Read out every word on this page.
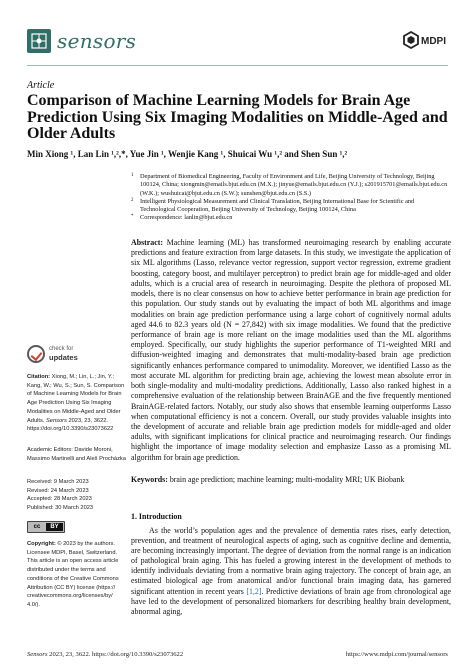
sensors	MDPI
Article
Comparison of Machine Learning Models for Brain Age Prediction Using Six Imaging Modalities on Middle-Aged and Older Adults
Min Xiong ¹, Lan Lin ¹,²,*, Yue Jin ¹, Wenjie Kang ¹, Shuicai Wu ¹,² and Shen Sun ¹,²
1 Department of Biomedical Engineering, Faculty of Environment and Life, Beijing University of Technology, Beijing 100124, China; xiongmin@emails.bjut.edu.cn (M.X.); jinyue@emails.bjut.edu.cn (Y.J.); s201915701@emails.bjut.edu.cn (W.K.); wushuicai@bjut.edu.cn (S.W.); sunshen@bjut.edu.cn (S.S.)
2 Intelligent Physiological Measurement and Clinical Translation, Beijing International Base for Scientific and Technological Cooperation, Beijing University of Technology, Beijing 100124, China
* Correspondence: lanlin@bjut.edu.cn
Abstract: Machine learning (ML) has transformed neuroimaging research by enabling accurate predictions and feature extraction from large datasets. In this study, we investigate the application of six ML algorithms (Lasso, relevance vector regression, support vector regression, extreme gradient boosting, category boost, and multilayer perceptron) to predict brain age for middle-aged and older adults, which is a crucial area of research in neuroimaging. Despite the plethora of proposed ML models, there is no clear consensus on how to achieve better performance in brain age prediction for this population. Our study stands out by evaluating the impact of both ML algorithms and image modalities on brain age prediction performance using a large cohort of cognitively normal adults aged 44.6 to 82.3 years old (N = 27,842) with six image modalities. We found that the predictive performance of brain age is more reliant on the image modalities used than the ML algorithms employed. Specifically, our study highlights the superior performance of T1-weighted MRI and diffusion-weighted imaging and demonstrates that multi-modality-based brain age prediction significantly enhances performance compared to unimodality. Moreover, we identified Lasso as the most accurate ML algorithm for predicting brain age, achieving the lowest mean absolute error in both single-modality and multi-modality predictions. Additionally, Lasso also ranked highest in a comprehensive evaluation of the relationship between BrainAGE and the five frequently mentioned BrainAGE-related factors. Notably, our study also shows that ensemble learning outperforms Lasso when computational efficiency is not a concern. Overall, our study provides valuable insights into the development of accurate and reliable brain age prediction models for middle-aged and older adults, with significant implications for clinical practice and neuroimaging research. Our findings highlight the importance of image modality selection and emphasize Lasso as a promising ML algorithm for brain age prediction.
Keywords: brain age prediction; machine learning; multi-modality MRI; UK Biobank
check for
updates
Citation: Xiong, M.; Lin, L.; Jin, Y.; Kang, W.; Wu, S.; Sun, S. Comparison of Machine Learning Models for Brain Age Prediction Using Six Imaging Modalities on Middle-Aged and Older Adults. Sensors 2023, 23, 3622. https://doi.org/10.3390/s23073622
Academic Editors: Davide Moroni, Massimo Martinelli and Aleš Procházka
Received: 9 March 2023
Revised: 24 March 2023
Accepted: 28 March 2023
Published: 30 March 2023
cc	BY
Copyright: © 2023 by the authors. Licensee MDPI, Basel, Switzerland. This article is an open access article distributed under the terms and conditions of the Creative Commons Attribution (CC BY) license (https:// creativecommons.org/licenses/by/ 4.0/).
1. Introduction
As the world’s population ages and the prevalence of dementia rates rises, early detection, prevention, and treatment of neurological aspects of aging, such as cognitive decline and dementia, are becoming increasingly important. The degree of deviation from the normal range is an indication of pathological brain aging. This has fueled a growing interest in the development of methods to identify individuals deviating from a normative brain aging trajectory. The concept of brain age, an estimated biological age from anatomical and/or functional brain imaging data, has garnered significant attention in recent years [1,2]. Predictive deviations of brain age from chronological age have led to the development of personalized biomarkers for describing healthy brain development, abnormal aging,
Sensors 2023, 23, 3622. https://doi.org/10.3390/s23073622	https://www.mdpi.com/journal/sensors
